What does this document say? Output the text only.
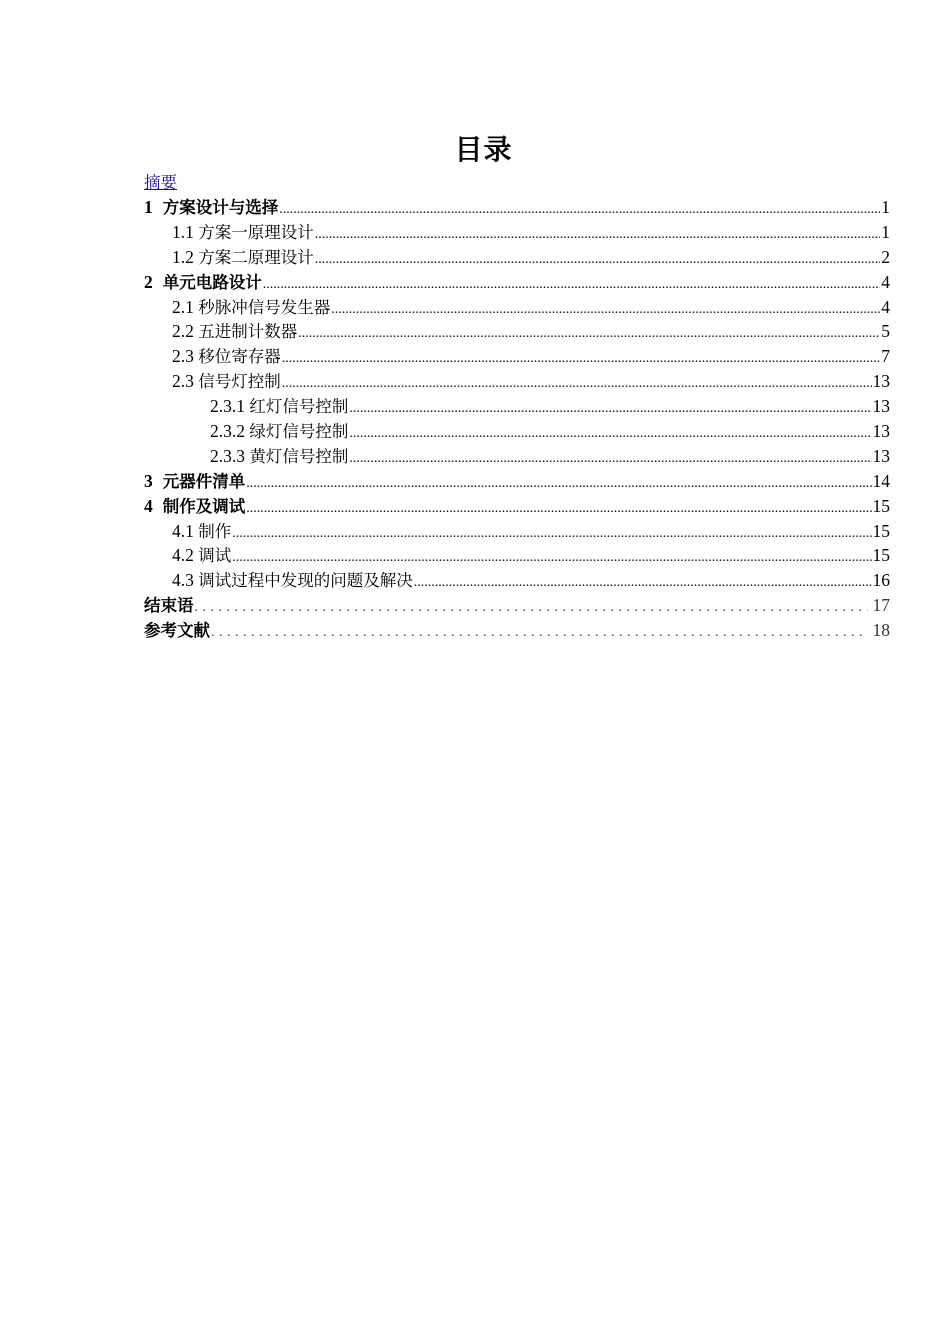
目录
摘要
1 方案设计与选择 .....	1
1.1 方案一原理设计 .....	1
1.2 方案二原理设计 .....	2
2 单元电路设计 .....	4
2.1 秒脉冲信号发生器 .....	4
2.2 五进制计数器 .....	5
2.3 移位寄存器 .....	7
2.3 信号灯控制 .....	13
2.3.1 红灯信号控制 .....	13
2.3.2 绿灯信号控制 .....	13
2.3.3 黄灯信号控制 .....	13
3 元器件清单 .....	14
4 制作及调试 .....	15
4.1 制作 .....	15
4.2 调试 .....	15
4.3 调试过程中发现的问题及解决 .....	16
结束语 . . .	17
参考文献 . . .	18
